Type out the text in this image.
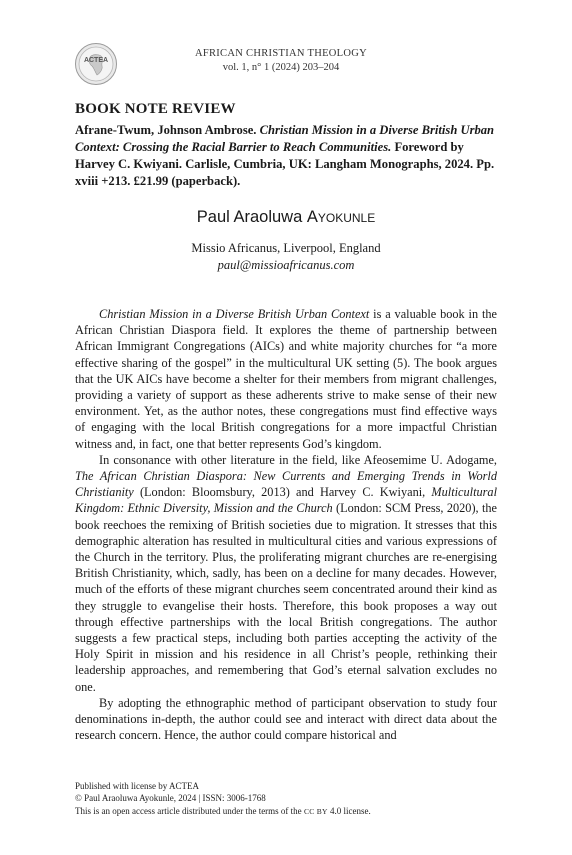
ACTEA
AFRICAN CHRISTIAN THEOLOGY
vol. 1, n° 1 (2024) 203–204
BOOK NOTE REVIEW
Afrane-Twum, Johnson Ambrose. Christian Mission in a Diverse British Urban Context: Crossing the Racial Barrier to Reach Communities. Foreword by Harvey C. Kwiyani. Carlisle, Cumbria, UK: Langham Monographs, 2024. Pp. xviii +213. £21.99 (paperback).
Paul Araoluwa Ayokunle
Missio Africanus, Liverpool, England
paul@missioafricanus.com

Christian Mission in a Diverse British Urban Context is a valuable book in the African Christian Diaspora field. It explores the theme of partnership between African Immigrant Congregations (AICs) and white majority churches for “a more effective sharing of the gospel” in the multicultural UK setting (5). The book argues that the UK AICs have become a shelter for their members from migrant challenges, providing a variety of support as these adherents strive to make sense of their new environment. Yet, as the author notes, these congregations must find effective ways of engaging with the local British congregations for a more impactful Christian witness and, in fact, one that better represents God’s kingdom.

In consonance with other literature in the field, like Afeosemime U. Adogame, The African Christian Diaspora: New Currents and Emerging Trends in World Christianity (London: Bloomsbury, 2013) and Harvey C. Kwiyani, Multicultural Kingdom: Ethnic Diversity, Mission and the Church (London: SCM Press, 2020), the book reechoes the remixing of British societies due to migration. It stresses that this demographic alteration has resulted in multicultural cities and various expressions of the Church in the territory. Plus, the proliferating migrant churches are re-energising British Christianity, which, sadly, has been on a decline for many decades. However, much of the efforts of these migrant churches seem concentrated around their kind as they struggle to evangelise their hosts. Therefore, this book proposes a way out through effective partnerships with the local British congregations. The author suggests a few practical steps, including both parties accepting the activity of the Holy Spirit in mission and his residence in all Christ’s people, rethinking their leadership approaches, and remembering that God’s eternal salvation excludes no one.

By adopting the ethnographic method of participant observation to study four denominations in-depth, the author could see and interact with direct data about the research concern. Hence, the author could compare historical and

Published with license by ACTEA
© Paul Araoluwa Ayokunle, 2024 | ISSN: 3006-1768
This is an open access article distributed under the terms of the CC BY 4.0 license.
